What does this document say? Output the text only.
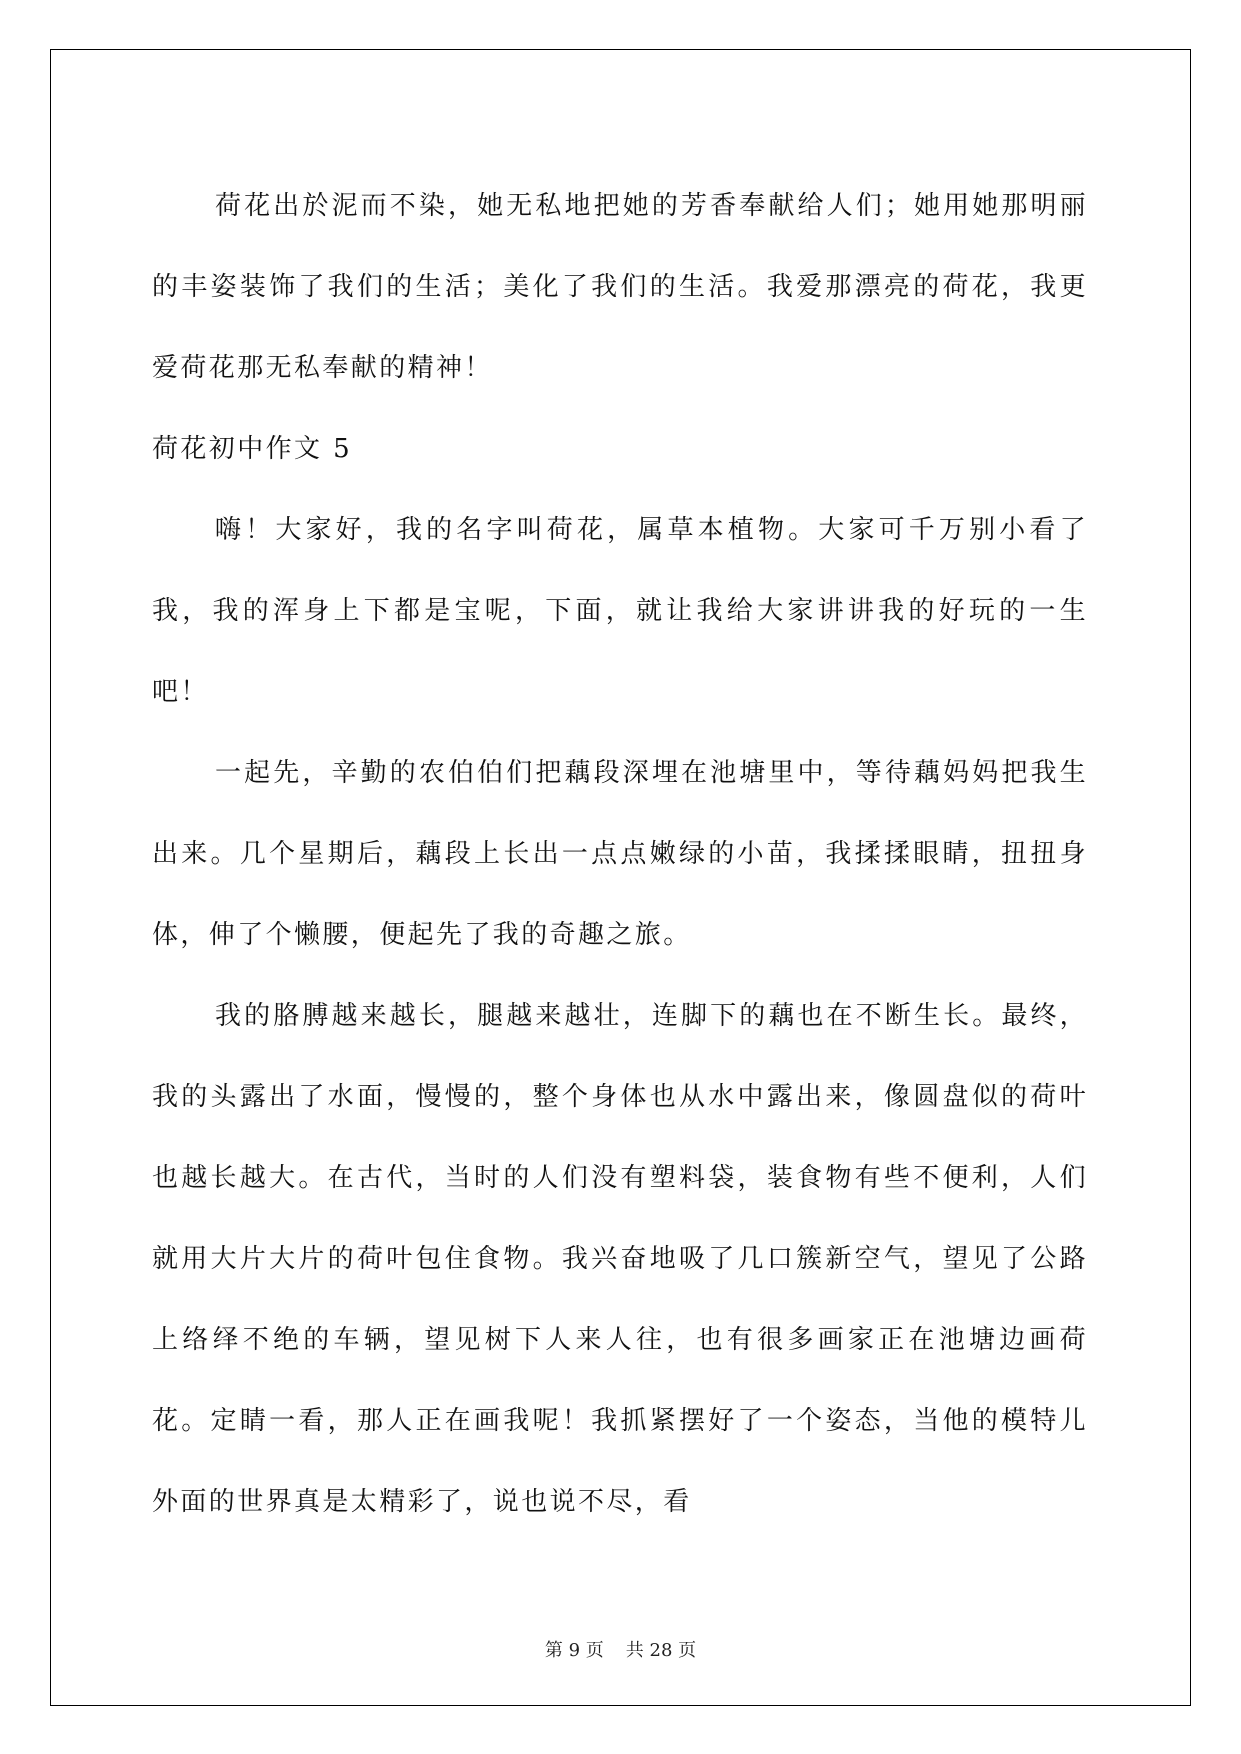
荷花出於泥而不染，她无私地把她的芳香奉献给人们；她用她那明丽的丰姿装饰了我们的生活；美化了我们的生活。我爱那漂亮的荷花，我更爱荷花那无私奉献的精神！

荷花初中作文 5

嗨！大家好，我的名字叫荷花，属草本植物。大家可千万别小看了我，我的浑身上下都是宝呢，下面，就让我给大家讲讲我的好玩的一生吧！

一起先，辛勤的农伯伯们把藕段深埋在池塘里中，等待藕妈妈把我生出来。几个星期后，藕段上长出一点点嫩绿的小苗，我揉揉眼睛，扭扭身体，伸了个懒腰，便起先了我的奇趣之旅。

我的胳膊越来越长，腿越来越壮，连脚下的藕也在不断生长。最终，我的头露出了水面，慢慢的，整个身体也从水中露出来，像圆盘似的荷叶也越长越大。在古代，当时的人们没有塑料袋，装食物有些不便利，人们就用大片大片的荷叶包住食物。我兴奋地吸了几口簇新空气，望见了公路上络绎不绝的车辆，望见树下人来人往，也有很多画家正在池塘边画荷花。定睛一看，那人正在画我呢！我抓紧摆好了一个姿态，当他的模特儿外面的世界真是太精彩了，说也说不尽，看

第 9 页 共 28 页
